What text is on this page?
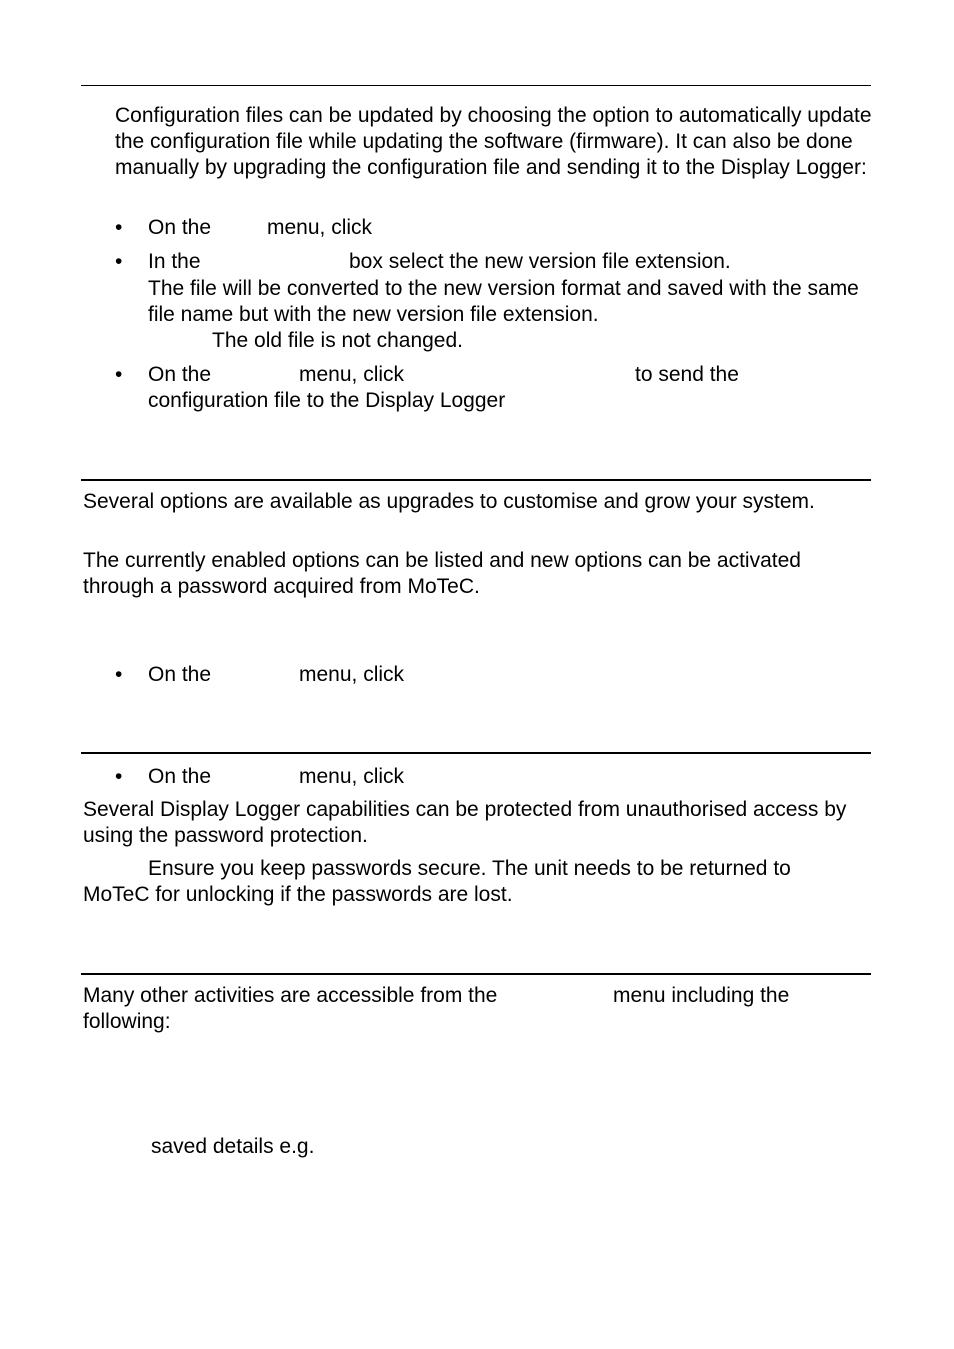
Configuration files can be updated by choosing the option to automatically update the configuration file while updating the software (firmware). It can also be done manually by upgrading the configuration file and sending it to the Display Logger:

On the	menu, click
In the	box select the new version file extension.

The file will be converted to the new version format and saved with the same file name but with the new version file extension.

The old file is not changed.
On the	menu, click	to send the
configuration file to the Display Logger

Several options are available as upgrades to customise and grow your system.

The currently enabled options can be listed and new options can be activated through a password acquired from MoTeC.

On the	menu, click
On the	menu, click

Several Display Logger capabilities can be protected from unauthorised access by using the password protection.

Ensure you keep passwords secure. The unit needs to be returned to
MoTeC for unlocking if the passwords are lost.
Many other activities are accessible from the	menu including the
following:
saved details e.g.
